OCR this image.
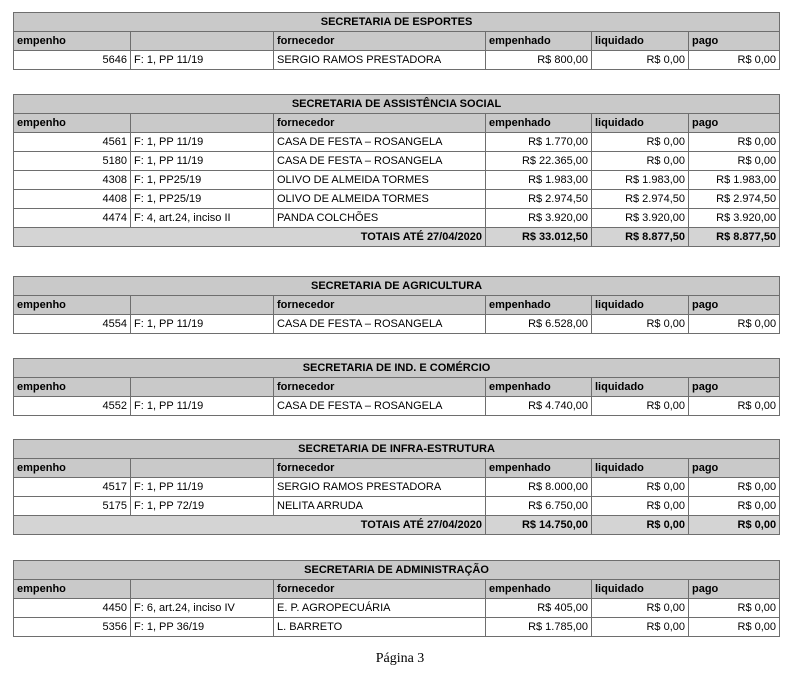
SECRETARIA DE ESPORTES					
empenho		fornecedor	empenhado	liquidado	pago
5646	F: 1, PP 11/19	SERGIO RAMOS PRESTADORA	R$ 800,00	R$ 0,00	R$ 0,00
SECRETARIA DE ASSISTÊNCIA SOCIAL					
empenho		fornecedor	empenhado	liquidado	pago
4561	F: 1, PP 11/19	CASA DE FESTA – ROSANGELA	R$ 1.770,00	R$ 0,00	R$ 0,00
5180	F: 1, PP 11/19	CASA DE FESTA – ROSANGELA	R$ 22.365,00	R$ 0,00	R$ 0,00
4308	F: 1, PP25/19	OLIVO DE ALMEIDA TORMES	R$ 1.983,00	R$ 1.983,00	R$ 1.983,00
4408	F: 1, PP25/19	OLIVO DE ALMEIDA TORMES	R$ 2.974,50	R$ 2.974,50	R$ 2.974,50
4474	F: 4, art.24, inciso II	PANDA COLCHÕES	R$ 3.920,00	R$ 3.920,00	R$ 3.920,00
TOTAIS ATÉ 27/04/2020			R$ 33.012,50	R$ 8.877,50	R$ 8.877,50
SECRETARIA DE AGRICULTURA					
empenho		fornecedor	empenhado	liquidado	pago
4554	F: 1, PP 11/19	CASA DE FESTA – ROSANGELA	R$ 6.528,00	R$ 0,00	R$ 0,00
SECRETARIA DE IND. E COMÉRCIO					
empenho		fornecedor	empenhado	liquidado	pago
4552	F: 1, PP 11/19	CASA DE FESTA – ROSANGELA	R$ 4.740,00	R$ 0,00	R$ 0,00
SECRETARIA DE INFRA-ESTRUTURA					
empenho		fornecedor	empenhado	liquidado	pago
4517	F: 1, PP 11/19	SERGIO RAMOS PRESTADORA	R$ 8.000,00	R$ 0,00	R$ 0,00
5175	F: 1, PP 72/19	NELITA ARRUDA	R$ 6.750,00	R$ 0,00	R$ 0,00
TOTAIS ATÉ 27/04/2020			R$ 14.750,00	R$ 0,00	R$ 0,00
SECRETARIA DE ADMINISTRAÇÃO					
empenho		fornecedor	empenhado	liquidado	pago
4450	F: 6, art.24, inciso IV	E. P. AGROPECUÁRIA	R$ 405,00	R$ 0,00	R$ 0,00
5356	F: 1, PP 36/19	L. BARRETO	R$ 1.785,00	R$ 0,00	R$ 0,00
Página 3
